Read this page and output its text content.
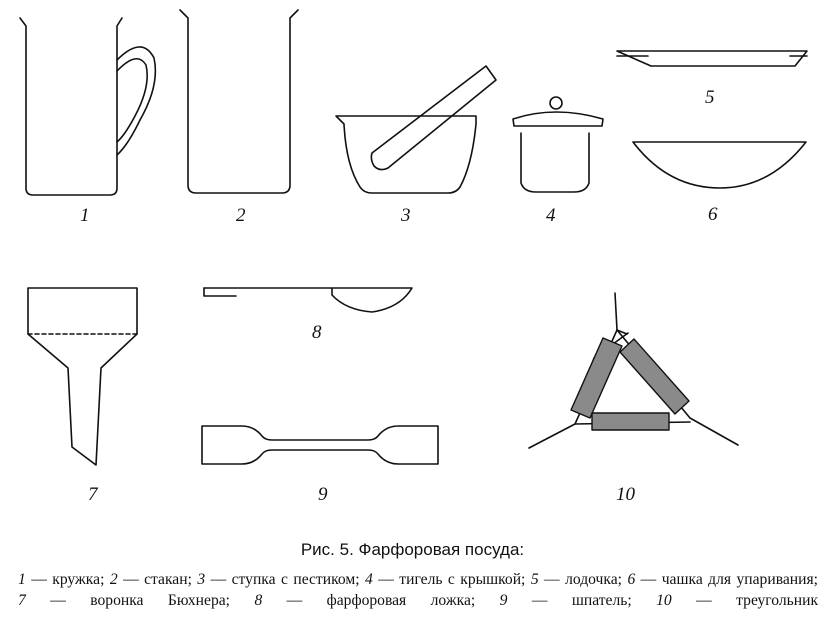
1	2	3	4
5
6
7
8
9	10

Рис. 5. Фарфоровая посуда:

1 — кружка; 2 — стакан; 3 — ступка с пестиком; 4 — тигель с крышкой; 5 — лодочка; 6 — чашка для упаривания;
7 — воронка Бюхнера; 8 — фарфоровая ложка; 9 — шпатель; 10 — треугольник
